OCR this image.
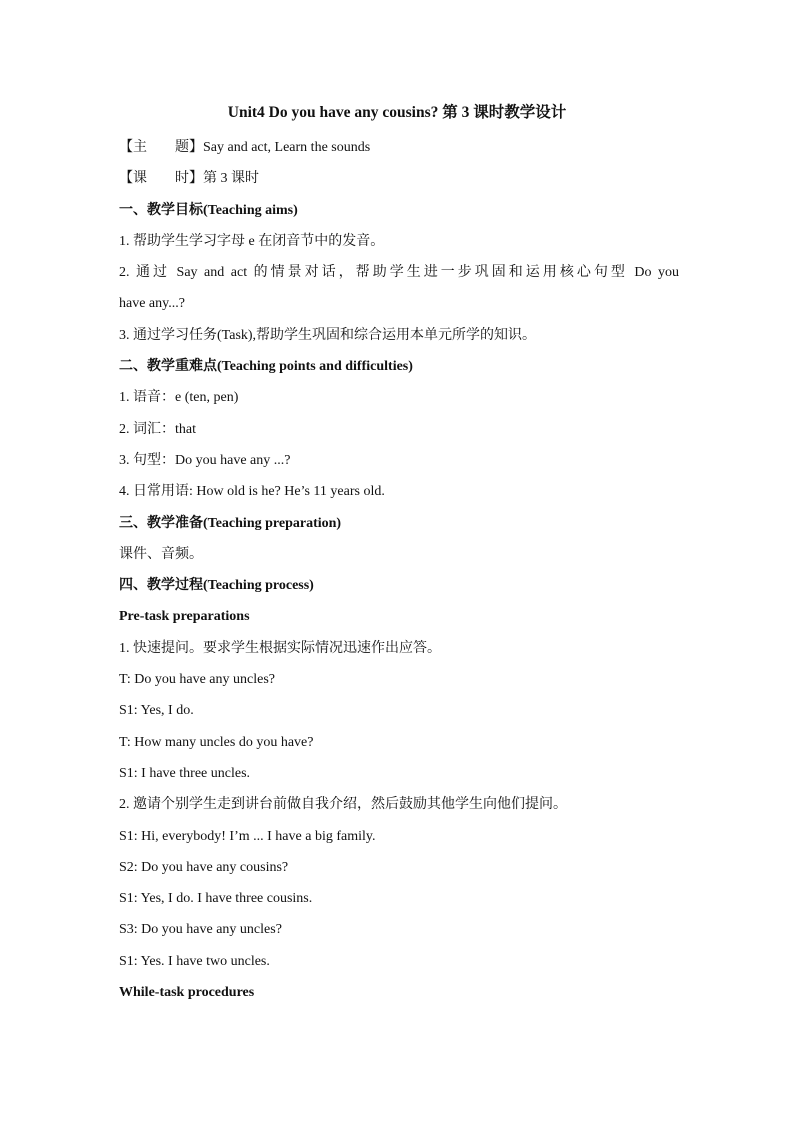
Unit4 Do you have any cousins? 第 3 课时教学设计
【主 题】Say and act, Learn the sounds
【课 时】第 3 课时
一、教学目标(Teaching aims)
1. 帮助学生学习字母 e 在闭音节中的发音。
2. 通过 Say and act 的情景对话，帮助学生进一步巩固和运用核心句型 Do you
have any...?
3. 通过学习任务(Task),帮助学生巩固和综合运用本单元所学的知识。
二、教学重难点(Teaching points and difficulties)
1. 语音：e (ten, pen)
2. 词汇：that
3. 句型：Do you have any ...?
4. 日常用语: How old is he? He’s 11 years old.
三、教学准备(Teaching preparation)
课件、音频。
四、教学过程(Teaching process)
Pre-task preparations
1. 快速提问。要求学生根据实际情况迅速作出应答。
T: Do you have any uncles?
S1: Yes, I do.
T: How many uncles do you have?
S1: I have three uncles.
2. 邀请个别学生走到讲台前做自我介绍，然后鼓励其他学生向他们提问。
S1: Hi, everybody! I’m ... I have a big family.
S2: Do you have any cousins?
S1: Yes, I do. I have three cousins.
S3: Do you have any uncles?
S1: Yes. I have two uncles.
While-task procedures
